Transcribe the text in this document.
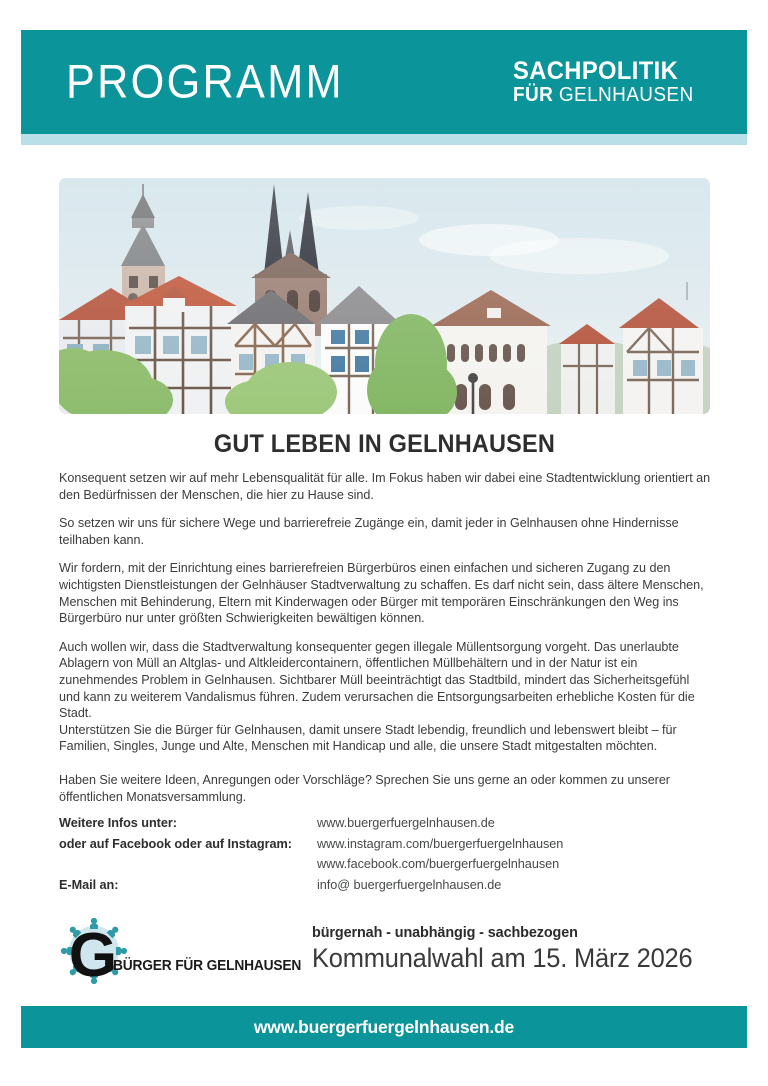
PROGRAMM	SACHPOLITIK
FÜR GELNHAUSEN
GUT LEBEN IN GELNHAUSEN

Konsequent setzen wir auf mehr Lebensqualität für alle. Im Fokus haben wir dabei eine Stadtentwicklung orientiert an den Bedürfnissen der Menschen, die hier zu Hause sind.

So setzen wir uns für sichere Wege und barrierefreie Zugänge ein, damit jeder in Gelnhausen ohne Hindernisse teilhaben kann.

Wir fordern, mit der Einrichtung eines barrierefreien Bürgerbüros einen einfachen und sicheren Zugang zu den wichtigsten Dienstleistungen der Gelnhäuser Stadtverwaltung zu schaffen. Es darf nicht sein, dass ältere Menschen, Menschen mit Behinderung, Eltern mit Kinderwagen oder Bürger mit temporären Einschränkungen den Weg ins Bürgerbüro nur unter größten Schwierigkeiten bewältigen können.

Auch wollen wir, dass die Stadtverwaltung konsequenter gegen illegale Müllentsorgung vorgeht. Das unerlaubte Ablagern von Müll an Altglas- und Altkleidercontainern, öffentlichen Müllbehältern und in der Natur ist ein zunehmendes Problem in Gelnhausen. Sichtbarer Müll beeinträchtigt das Stadtbild, mindert das Sicherheitsgefühl und kann zu weiterem Vandalismus führen. Zudem verursachen die Entsorgungsarbeiten erhebliche Kosten für die Stadt.

Unterstützen Sie die Bürger für Gelnhausen, damit unsere Stadt lebendig, freundlich und lebenswert bleibt – für Familien, Singles, Junge und Alte, Menschen mit Handicap und alle, die unsere Stadt mitgestalten möchten.

Haben Sie weitere Ideen, Anregungen oder Vorschläge? Sprechen Sie uns gerne an oder kommen zu unserer öffentlichen Monatsversammlung.

Weitere Infos unter:	www.buergerfuergelnhausen.de
oder auf Facebook oder auf Instagram:	www.instagram.com/buergerfuergelnhausen
www.facebook.com/buergerfuergelnhausen
E-Mail an:	info@ buergerfuergelnhausen.de
G
BÜRGER FÜR GELNHAUSEN
bürgernah - unabhängig - sachbezogen
Kommunalwahl am 15. März 2026
www.buergerfuergelnhausen.de
